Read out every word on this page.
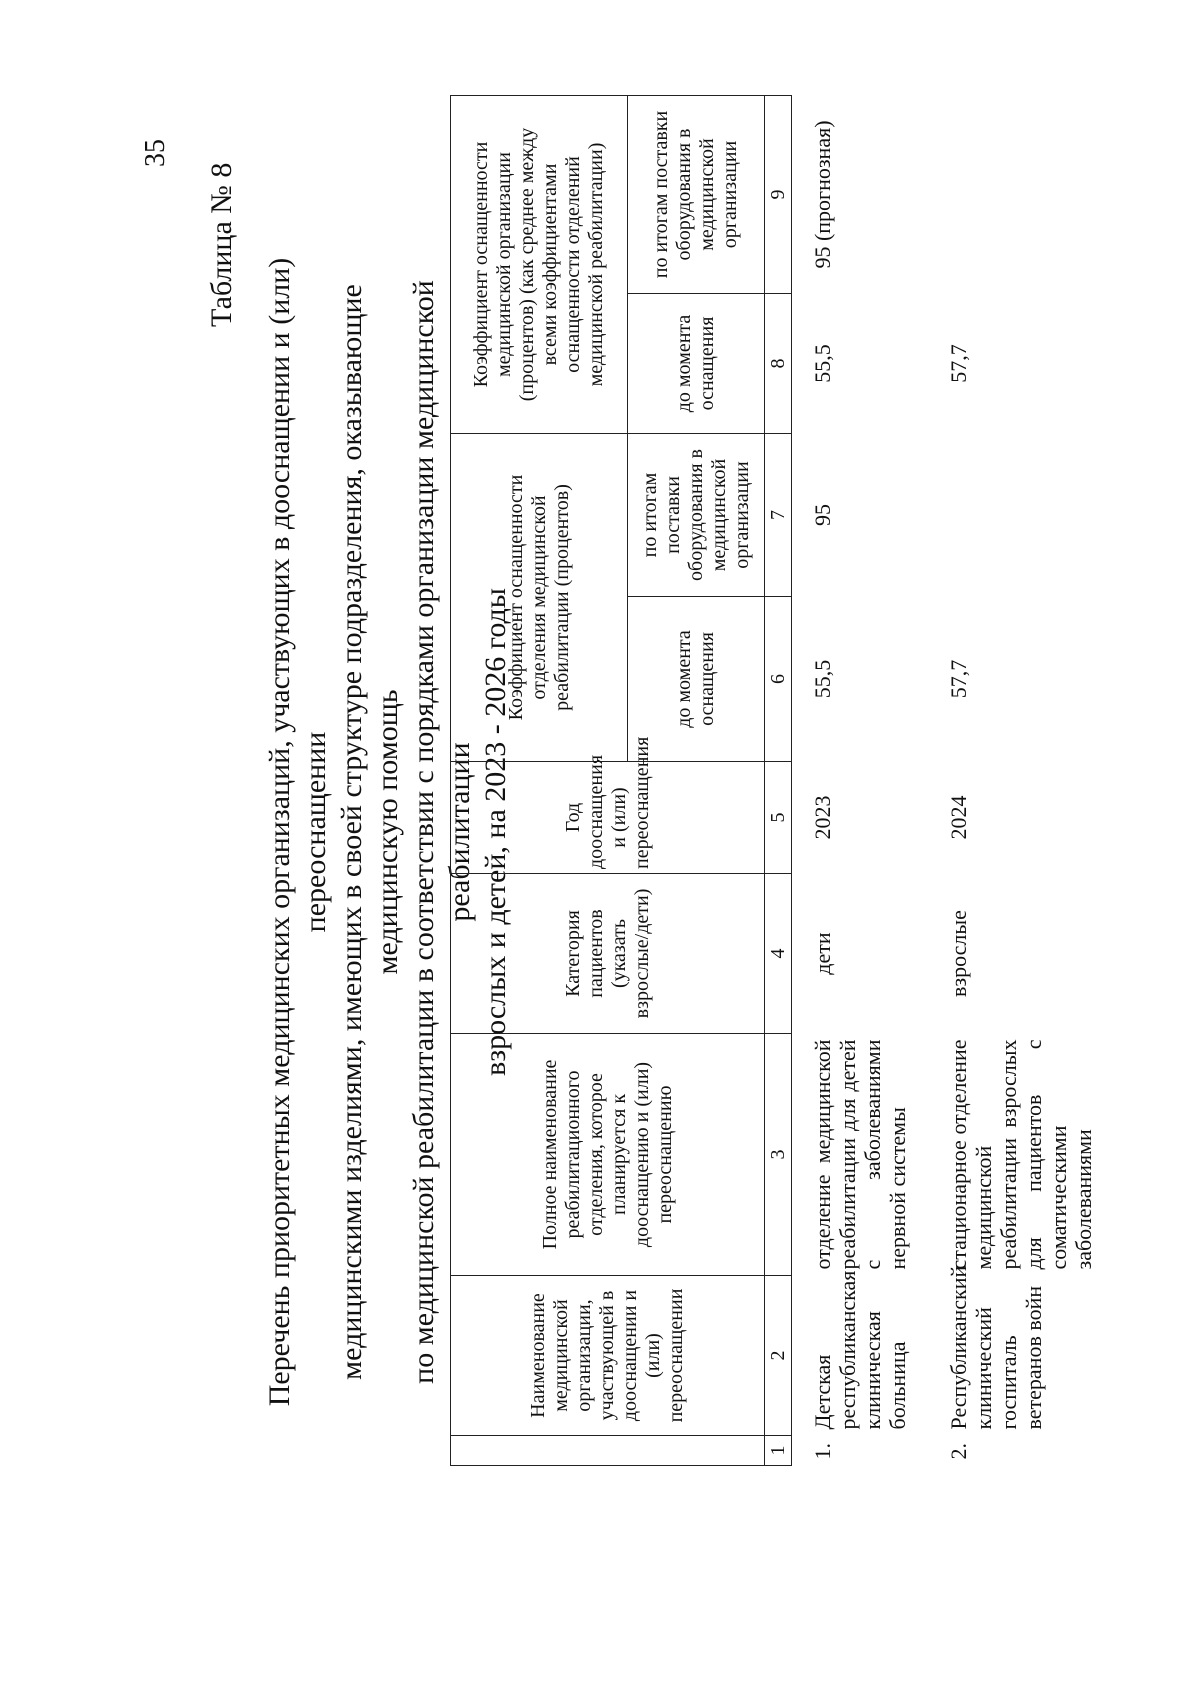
35
Таблица № 8
Перечень приоритетных медицинских организаций, участвующих в дооснащении и (или) переоснащении медицинскими изделиями, имеющих в своей структуре подразделения, оказывающие медицинскую помощь по медицинской реабилитации в соответствии с порядками организации медицинской реабилитации взрослых и детей, на 2023 - 2026 годы
	Наименование медицинской организации, участвующей в дооснащении и (или) переоснащении	Полное наименование реабилитационного отделения, которое планируется к дооснащению и (или) переоснащению	Категория пациентов (указать взрослые/дети)	Год дооснащения и (или) переоснащения	Коэффициент оснащенности отделения медицинской реабилитации (процентов)		Коэффициент оснащенности медицинской организации (процентов) (как среднее между всеми коэффициентами оснащенности отделений медицинской реабилитации)	
					до момента оснащения	по итогам поставки оборудования в медицинской организации	до момента оснащения	по итогам поставки оборудования в медицинской организации
1	2	3	4	5	6	7	8	9
1.	Детская республиканская клиническая больница	отделение медицинской реабилитации для детей с заболеваниями нервной системы	дети	2023	55,5	95	55,5	95 (прогнозная)
2.	Республиканский клинический госпиталь ветеранов войн	стационарное отделение медицинской реабилитации взрослых для пациентов с соматическими заболеваниями	взрослые	2024	57,7		57,7	
